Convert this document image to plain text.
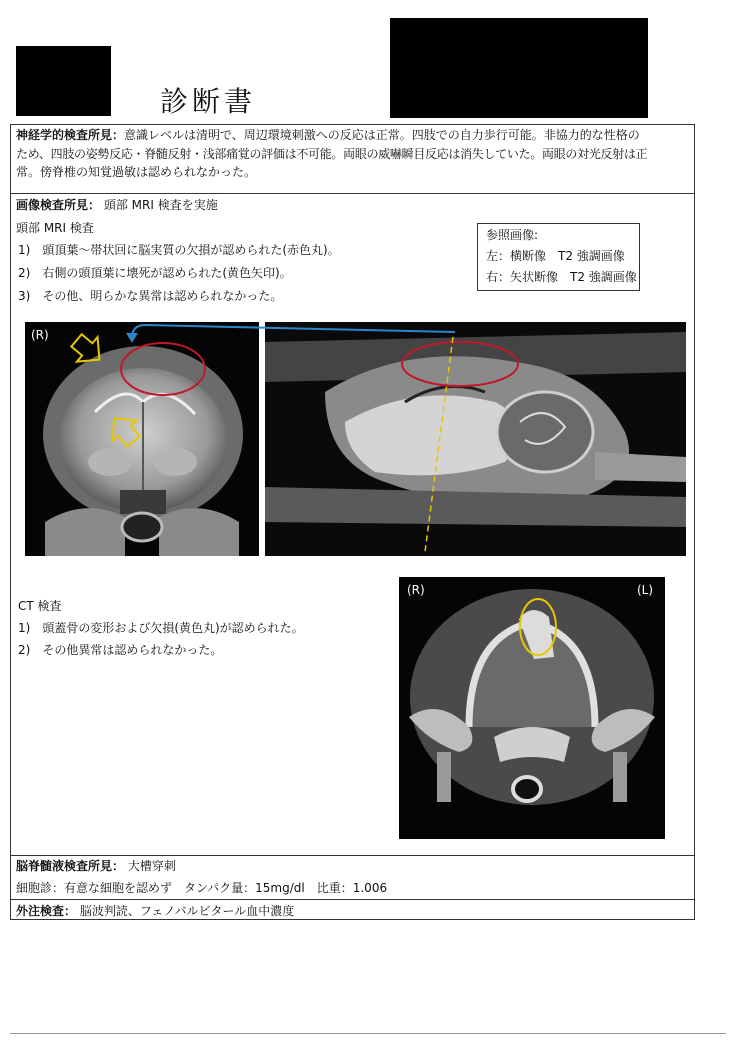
診断書
神経学的検査所見：意識レベルは清明で、周辺環境刺激への反応は正常。四肢での自力歩行可能。非協力的な性格の
ため、四肢の姿勢反応・脊髄反射・浅部痛覚の評価は不可能。両眼の威嚇瞬目反応は消失していた。両眼の対光反射は正
常。傍脊椎の知覚過敏は認められなかった。
画像検査所見： 頭部 MRI 検査を実施
頭部 MRI 検査
1)　頭頂葉～帯状回に脳実質の欠損が認められた(赤色丸)。
2)　右側の頭頂葉に壊死が認められた(黄色矢印)。
3)　その他、明らかな異常は認められなかった。
参照画像:
左：横断像　T2 強調画像
右：矢状断像　T2 強調画像
(R)
CT 検査
1)　頭蓋骨の変形および欠損(黄色丸)が認められた。
2)　その他異常は認められなかった。
(R)	(L)
脳脊髄液検査所見： 大槽穿刺
細胞診：有意な細胞を認めず　タンパク量：15mg/dl　比重：1.006
外注検査： 脳波判読、フェノバルビタール血中濃度
